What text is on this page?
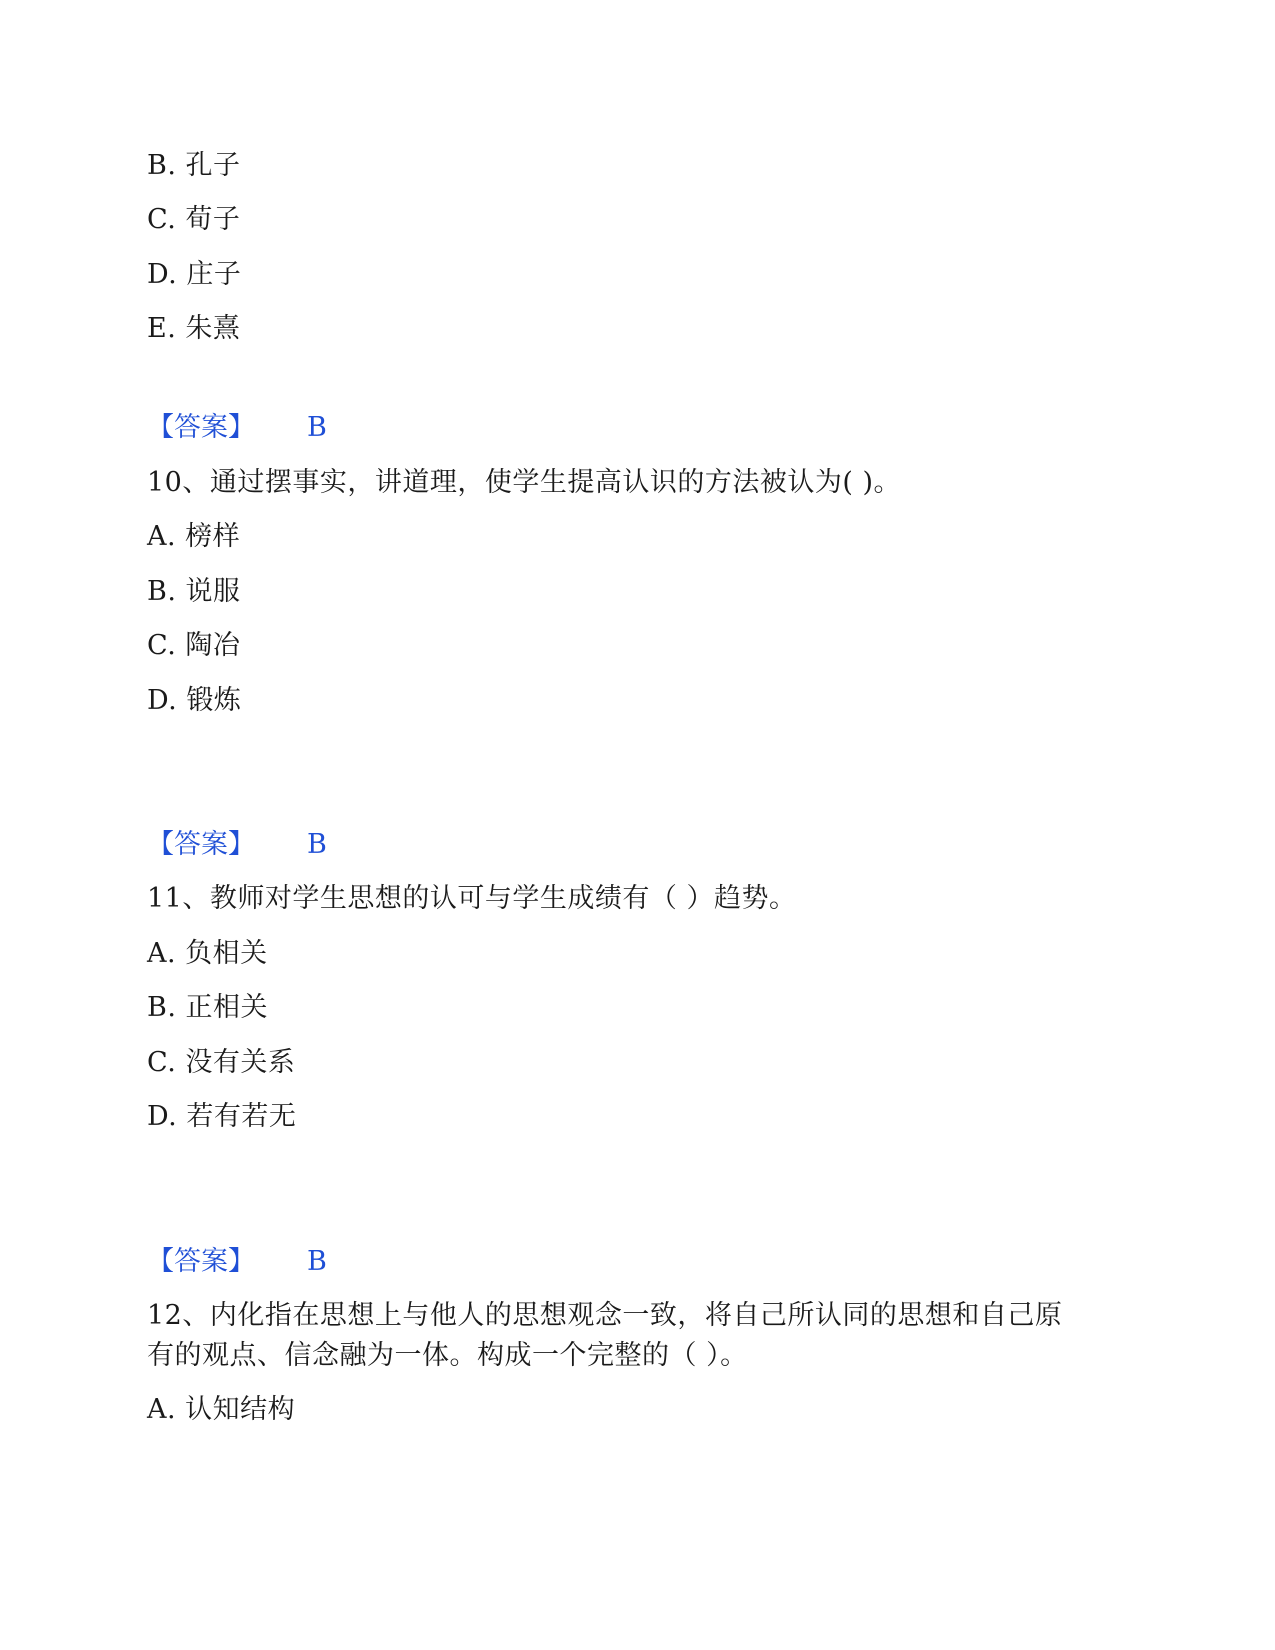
B. 孔子
C. 荀子
D. 庄子
E. 朱熹
【答案】 B
10、通过摆事实，讲道理，使学生提高认识的方法被认为( )。
A. 榜样
B. 说服
C. 陶冶
D. 锻炼
【答案】 B
11、教师对学生思想的认可与学生成绩有（ ）趋势。
A. 负相关
B. 正相关
C. 没有关系
D. 若有若无
【答案】 B
12、内化指在思想上与他人的思想观念一致，将自己所认同的思想和自己原
有的观点、信念融为一体。构成一个完整的（ ）。
A. 认知结构
